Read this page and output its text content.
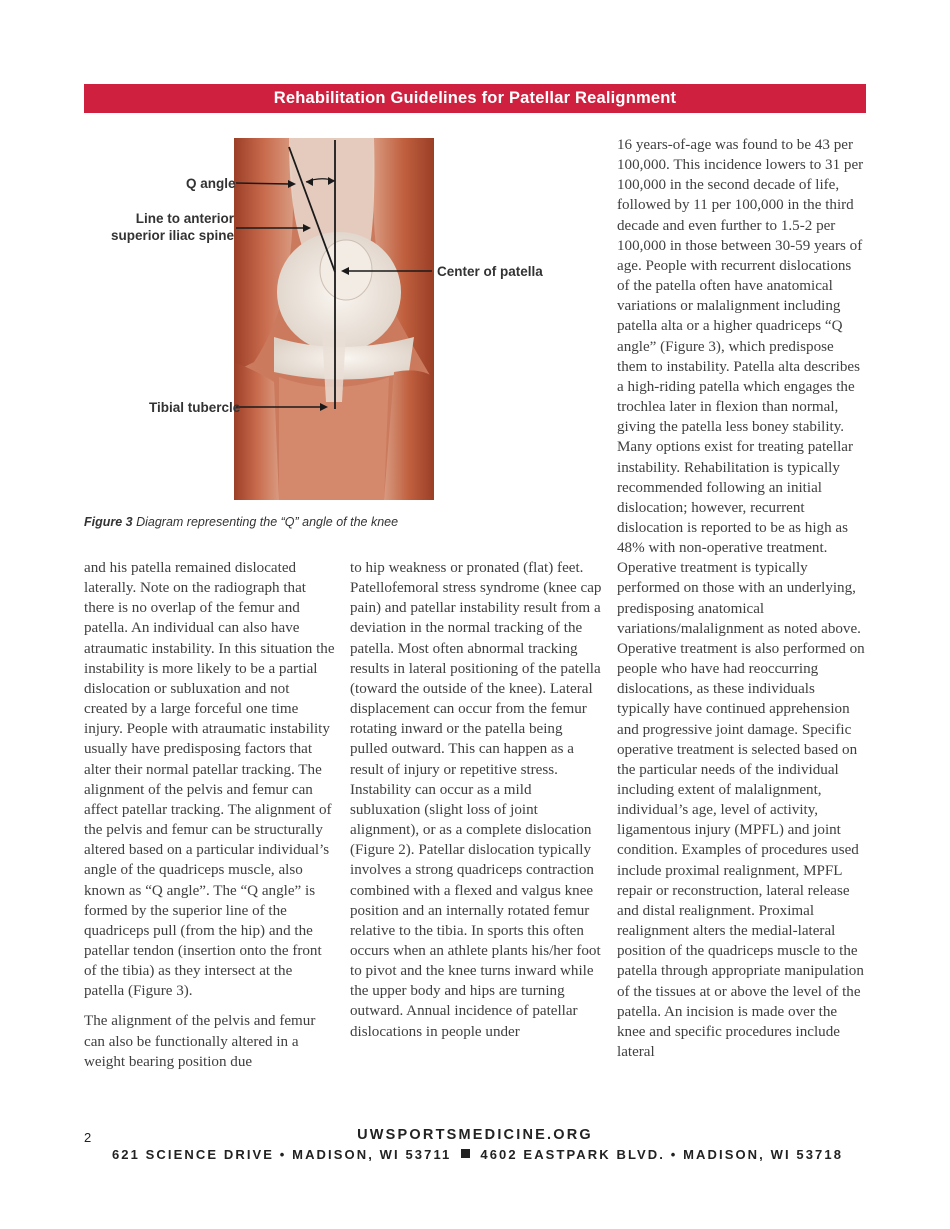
Rehabilitation Guidelines for Patellar Realignment
Q angle
Line to anterior
superior iliac spine
Center of patella
Tibial tubercle
Figure 3 Diagram representing the “Q” angle of the knee

and his patella remained dislocated laterally. Note on the radiograph that there is no overlap of the femur and patella. An individual can also have atraumatic instability. In this situation the instability is more likely to be a partial dislocation or subluxation and not created by a large forceful one time injury. People with atraumatic instability usually have predisposing factors that alter their normal patellar tracking. The alignment of the pelvis and femur can affect patellar tracking. The alignment of the pelvis and femur can be structurally altered based on a particular individual’s angle of the quadriceps muscle, also known as “Q angle”. The “Q angle” is formed by the superior line of the quadriceps pull (from the hip) and the patellar tendon (insertion onto the front of the tibia) as they intersect at the patella (Figure 3).

The alignment of the pelvis and femur can also be functionally altered in a weight bearing position due

to hip weakness or pronated (flat) feet. Patellofemoral stress syndrome (knee cap pain) and patellar instability result from a deviation in the normal tracking of the patella. Most often abnormal tracking results in lateral positioning of the patella (toward the outside of the knee). Lateral displacement can occur from the femur rotating inward or the patella being pulled outward. This can happen as a result of injury or repetitive stress. Instability can occur as a mild subluxation (slight loss of joint alignment), or as a complete dislocation (Figure 2). Patellar dislocation typically involves a strong quadriceps contraction combined with a flexed and valgus knee position and an internally rotated femur relative to the tibia. In sports this often occurs when an athlete plants his/her foot to pivot and the knee turns inward while the upper body and hips are turning outward. Annual incidence of patellar dislocations in people under

16 years-of-age was found to be 43 per 100,000. This incidence lowers to 31 per 100,000 in the second decade of life, followed by 11 per 100,000 in the third decade and even further to 1.5-2 per 100,000 in those between 30-59 years of age. People with recurrent dislocations of the patella often have anatomical variations or malalignment including patella alta or a higher quadriceps “Q angle” (Figure 3), which predispose them to instability. Patella alta describes a high-riding patella which engages the trochlea later in flexion than normal, giving the patella less boney stability. Many options exist for treating patellar instability. Rehabilitation is typically recommended following an initial dislocation; however, recurrent dislocation is reported to be as high as 48% with non-operative treatment. Operative treatment is typically performed on those with an underlying, predisposing anatomical variations/malalignment as noted above. Operative treatment is also performed on people who have had reoccurring dislocations, as these individuals typically have continued apprehension and progressive joint damage. Specific operative treatment is selected based on the particular needs of the individual including extent of malalignment, individual’s age, level of activity, ligamentous injury (MPFL) and joint condition. Examples of procedures used include proximal realignment, MPFL repair or reconstruction, lateral release and distal realignment. Proximal realignment alters the medial-lateral position of the quadriceps muscle to the patella through appropriate manipulation of the tissues at or above the level of the patella. An incision is made over the knee and specific procedures include lateral

2	UWSPORTSMEDICINE.ORG
621 SCIENCE DRIVE • MADISON, WI 53711 4602 EASTPARK BLVD. • MADISON, WI 53718
